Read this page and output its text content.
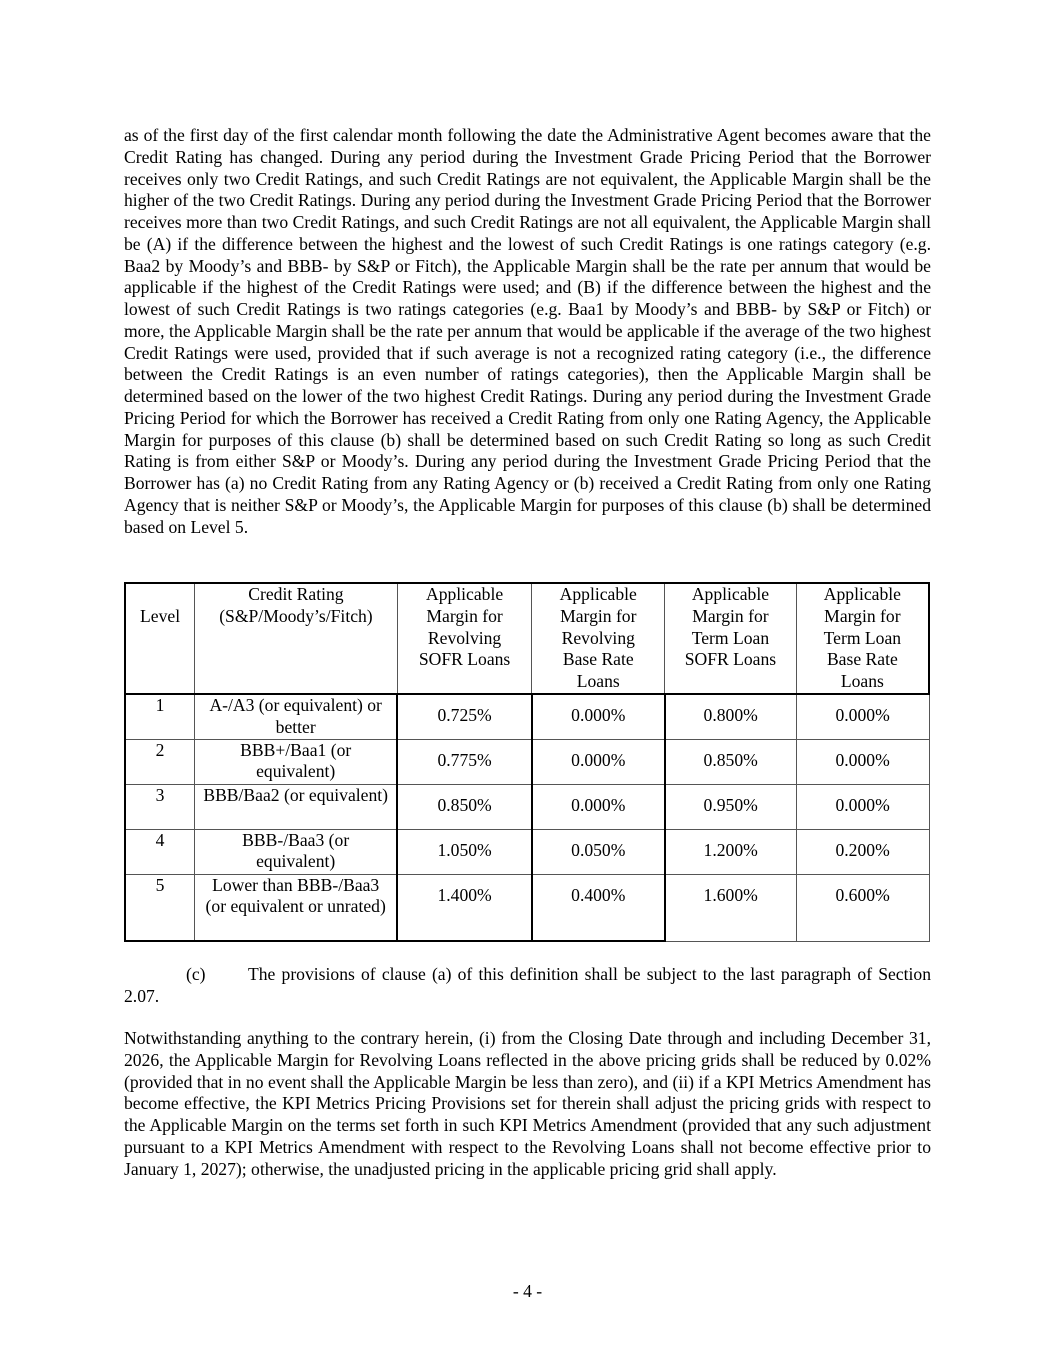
as of the first day of the first calendar month following the date the Administrative Agent becomes aware that the Credit Rating has changed. During any period during the Investment Grade Pricing Period that the Borrower receives only two Credit Ratings, and such Credit Ratings are not equivalent, the Applicable Margin shall be the higher of the two Credit Ratings. During any period during the Investment Grade Pricing Period that the Borrower receives more than two Credit Ratings, and such Credit Ratings are not all equivalent, the Applicable Margin shall be (A) if the difference between the highest and the lowest of such Credit Ratings is one ratings category (e.g. Baa2 by Moody’s and BBB- by S&P or Fitch), the Applicable Margin shall be the rate per annum that would be applicable if the highest of the Credit Ratings were used; and (B) if the difference between the highest and the lowest of such Credit Ratings is two ratings categories (e.g. Baa1 by Moody’s and BBB- by S&P or Fitch) or more, the Applicable Margin shall be the rate per annum that would be applicable if the average of the two highest Credit Ratings were used, provided that if such average is not a recognized rating category (i.e., the difference between the Credit Ratings is an even number of ratings categories), then the Applicable Margin shall be determined based on the lower of the two highest Credit Ratings. During any period during the Investment Grade Pricing Period for which the Borrower has received a Credit Rating from only one Rating Agency, the Applicable Margin for purposes of this clause (b) shall be determined based on such Credit Rating so long as such Credit Rating is from either S&P or Moody’s. During any period during the Investment Grade Pricing Period that the Borrower has (a) no Credit Rating from any Rating Agency or (b) received a Credit Rating from only one Rating Agency that is neither S&P or Moody’s, the Applicable Margin for purposes of this clause (b) shall be determined based on Level 5.
Level	Credit Rating (S&P/Moody’s/Fitch)	Applicable Margin for Revolving SOFR Loans	Applicable Margin for Revolving Base Rate Loans	Applicable Margin for Term Loan SOFR Loans	Applicable Margin for Term Loan Base Rate Loans
1	A-/A3 (or equivalent) or better	0.725%	0.000%	0.800%	0.000%
2	BBB+/Baa1 (or equivalent)	0.775%	0.000%	0.850%	0.000%
3	BBB/Baa2 (or equivalent)	0.850%	0.000%	0.950%	0.000%
4	BBB-/Baa3 (or equivalent)	1.050%	0.050%	1.200%	0.200%
5	Lower than BBB-/Baa3 (or equivalent or unrated)	1.400%	0.400%	1.600%	0.600%
(c) The provisions of clause (a) of this definition shall be subject to the last paragraph of Section 2.07.
Notwithstanding anything to the contrary herein, (i) from the Closing Date through and including December 31, 2026, the Applicable Margin for Revolving Loans reflected in the above pricing grids shall be reduced by 0.02% (provided that in no event shall the Applicable Margin be less than zero), and (ii) if a KPI Metrics Amendment has become effective, the KPI Metrics Pricing Provisions set for therein shall adjust the pricing grids with respect to the Applicable Margin on the terms set forth in such KPI Metrics Amendment (provided that any such adjustment pursuant to a KPI Metrics Amendment with respect to the Revolving Loans shall not become effective prior to January 1, 2027); otherwise, the unadjusted pricing in the applicable pricing grid shall apply.
- 4 -
